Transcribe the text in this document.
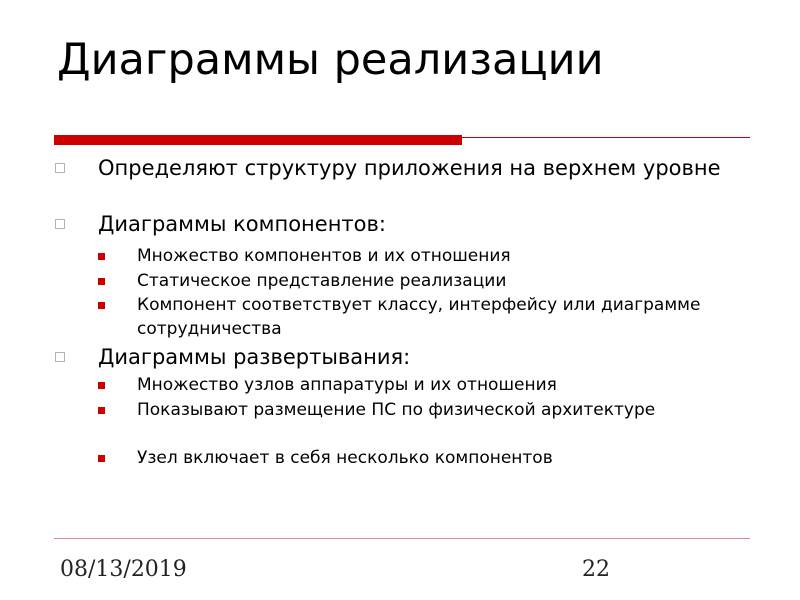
Диаграммы реализации
Определяют структуру приложения на верхнем уровне
Диаграммы компонентов:
Множество компонентов и их отношения
Статическое представление реализации
Компонент соответствует классу, интерфейсу или диаграмме сотрудничества
Диаграммы развертывания:
Множество узлов аппаратуры и их отношения
Показывают размещение ПС по физической архитектуре
Узел включает в себя несколько компонентов
08/13/2019	22
